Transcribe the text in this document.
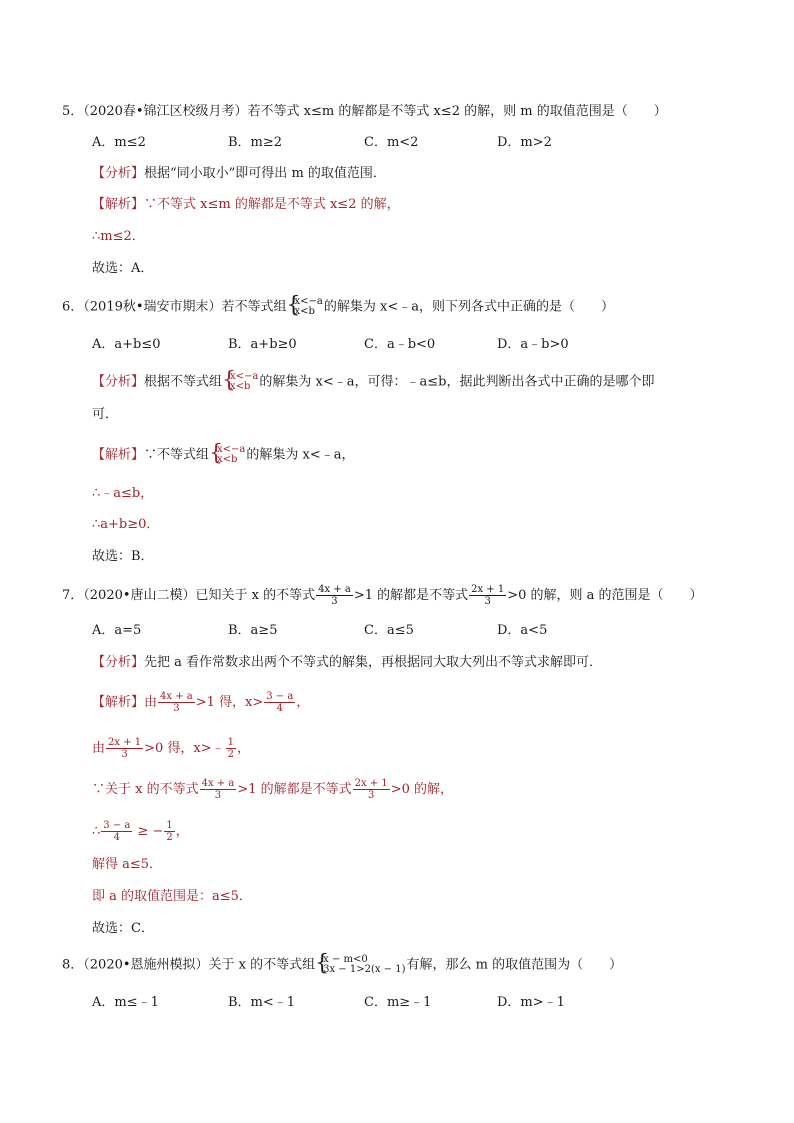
5．（2020春•锦江区校级月考）若不等式 x≤m 的解都是不等式 x≤2 的解，则 m 的取值范围是（　　）
A．m≤2	B．m≥2	C．m<2	D．m>2
【分析】根据“同小取小”即可得出 m 的取值范围．
【解析】∵不等式 x≤m 的解都是不等式 x≤2 的解，
∴m≤2．
故选：A．
6．（2019秋•瑞安市期末）若不等式组 { x<−a
x<b 的解集为 x<﹣a，则下列各式中正确的是（　　）
A．a+b≤0	B．a+b≥0	C．a﹣b<0	D．a﹣b>0
【分析】根据不等式组 { x<−a
x<b 的解集为 x<﹣a，可得：﹣a≤b，据此判断出各式中正确的是哪个即
可．
【解析】∵不等式组 { x<−a
x<b 的解集为 x<﹣a，
∴﹣a≤b，
∴a+b≥0．
故选：B．
7．（2020•唐山二模）已知关于 x 的不等式 $\frac{4x + a}{3} >1$ 的解都是不等式 $\frac{2x + 1}{3} >0$ 的解，则 a 的范围是（　　）
A．a=5	B．a≥5	C．a≤5	D．a<5
【分析】先把 a 看作常数求出两个不等式的解集，再根据同大取大列出不等式求解即可．
【解析】由 $\frac{4x + a}{3} >1$ 得，$x> \frac{3 - a}{4}$ ，
由 $\frac{2x + 1}{3} >0$ 得，x>﹣ $\frac{1}{2}$ ，
∵关于 x 的不等式 $\frac{4x + a}{3} >1$ 的解都是不等式 $\frac{2x + 1}{3} >0$ 的解，
∴ $\frac{3 - a}{4}$ ≥ − $\frac{1}{2}$ ，
解得 a≤5．
即 a 的取值范围是：a≤5．
故选：C．
8．（2020•恩施州模拟）关于 x 的不等式组 { x − m<0
3x − 1>2(x − 1) 有解，那么 m 的取值范围为（　　）
A．m≤﹣1	B．m<﹣1	C．m≥﹣1	D．m>﹣1
